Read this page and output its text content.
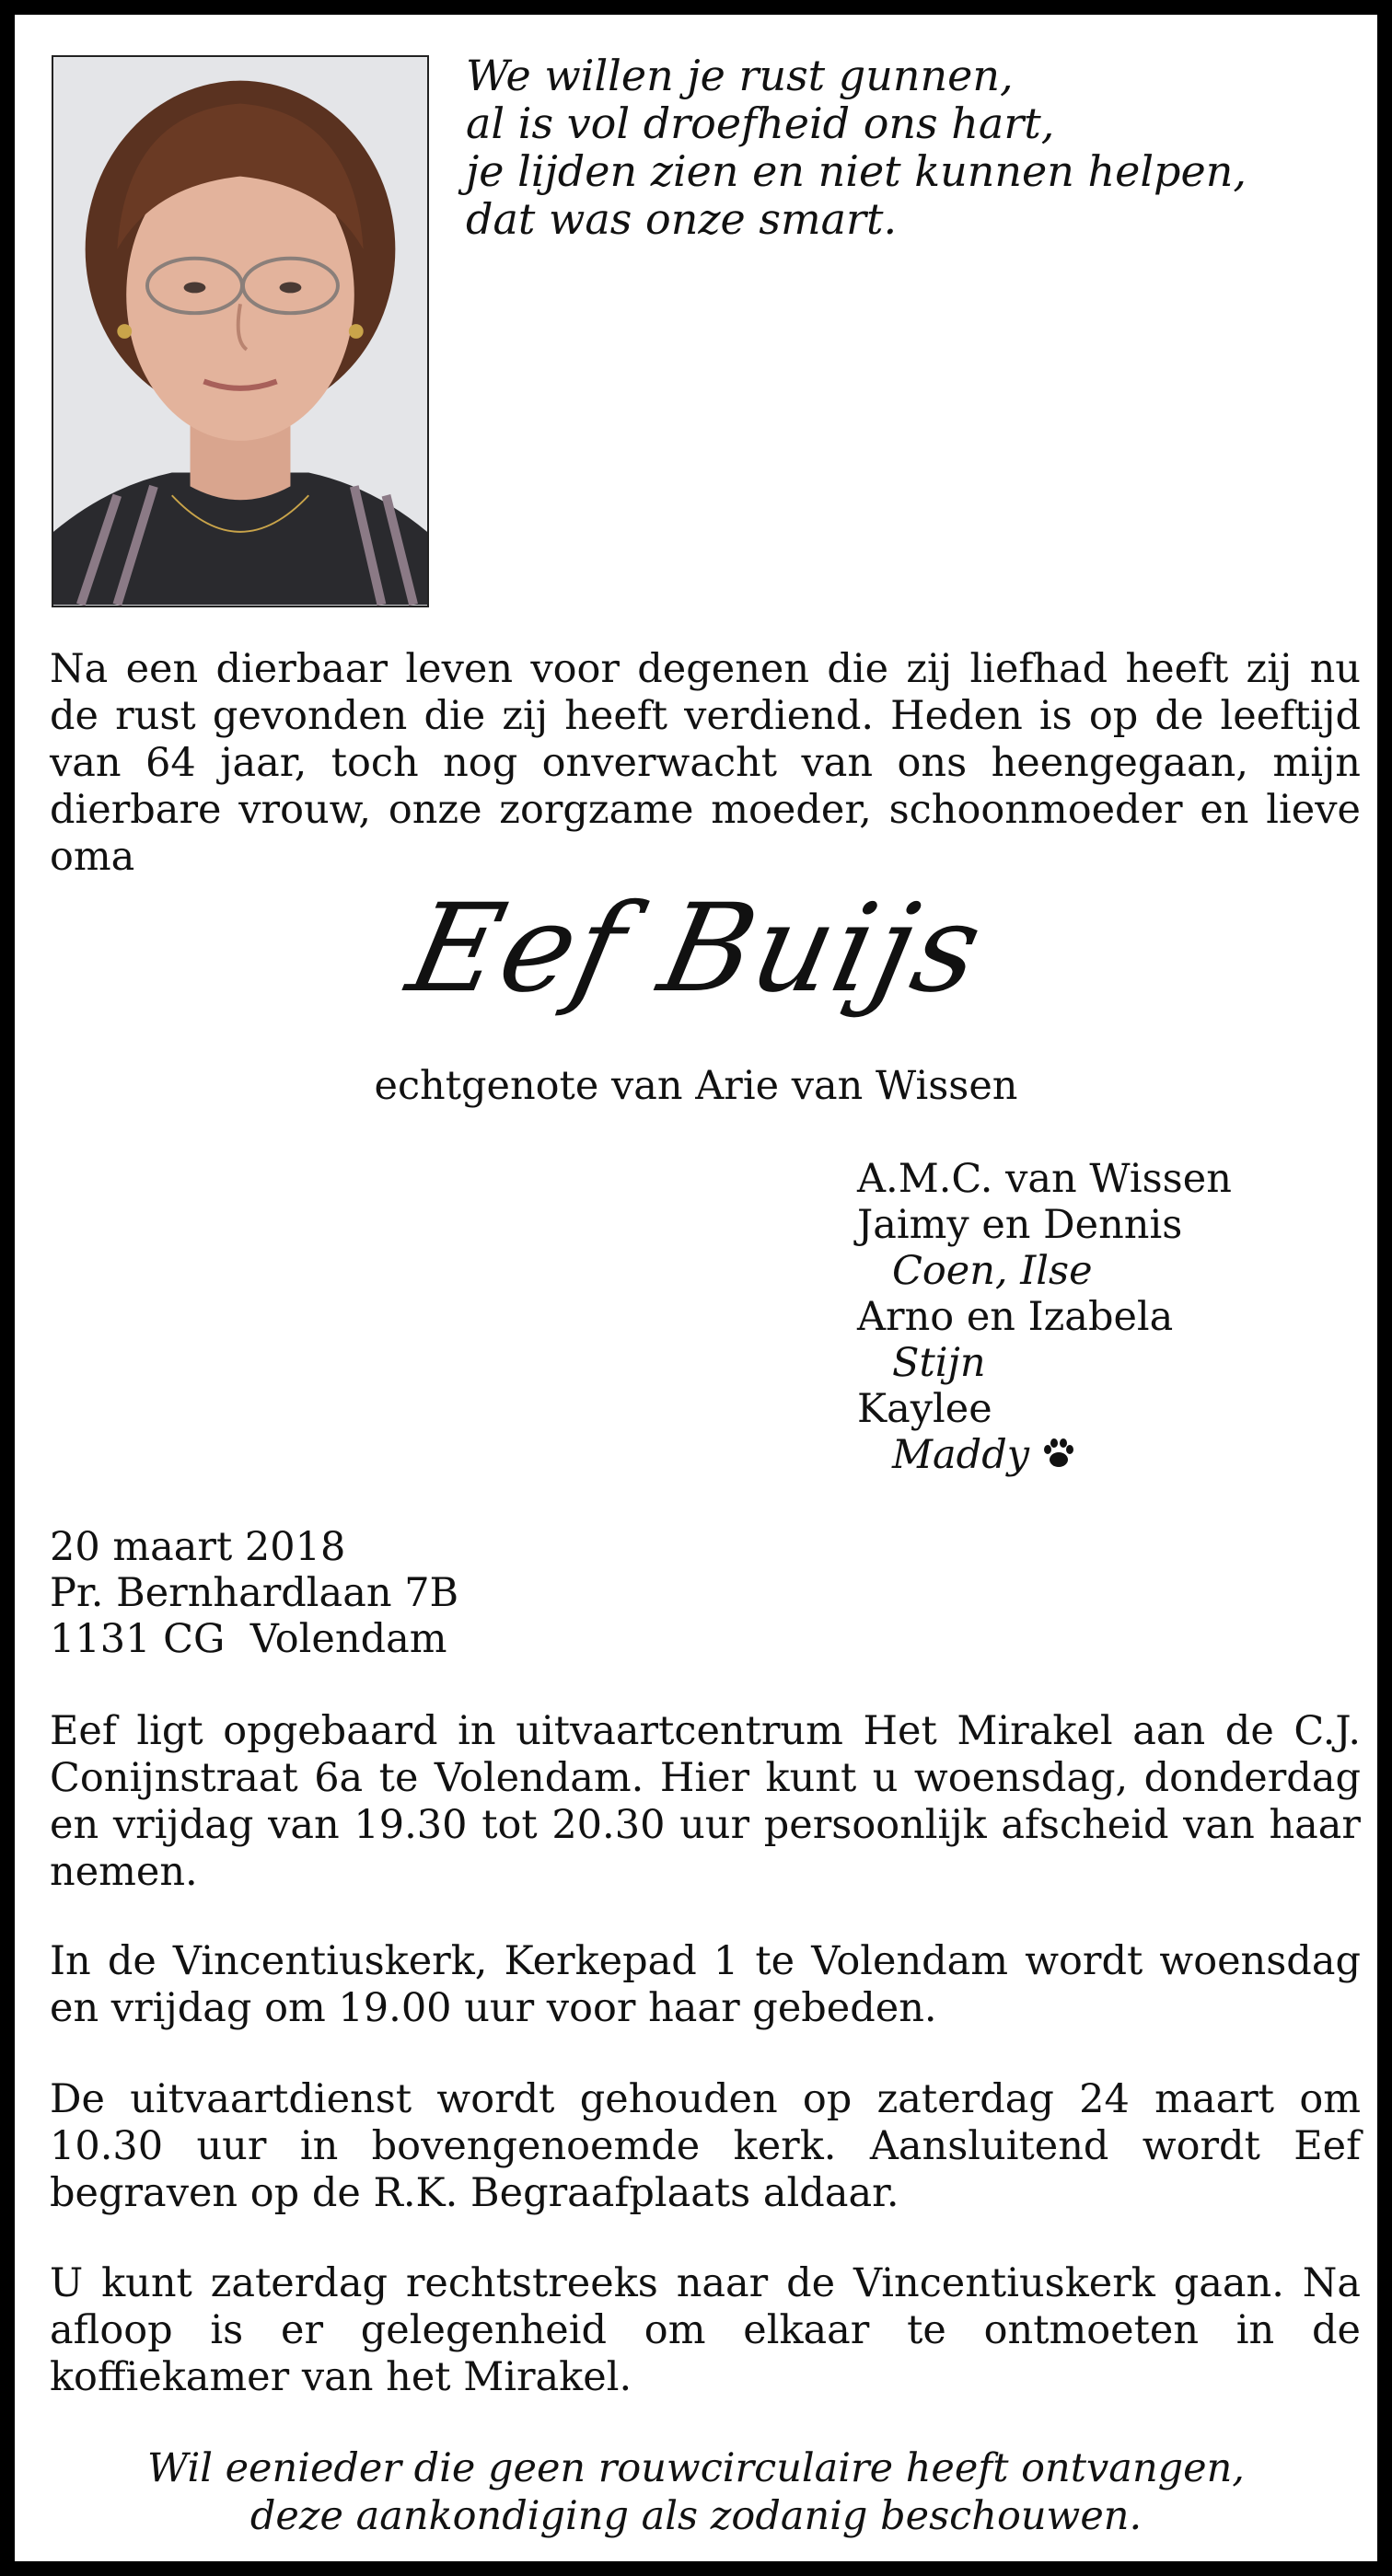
We willen je rust gunnen,
al is vol droefheid ons hart,
je lijden zien en niet kunnen helpen,
dat was onze smart.

Na een dierbaar leven voor degenen die zij liefhad heeft zij nu de rust gevonden die zij heeft verdiend. Heden is op de leeftijd van 64 jaar, toch nog onverwacht van ons heengegaan, mijn dierbare vrouw, onze zorgzame moeder, schoonmoeder en lieve oma

Eef Buijs
echtgenote van Arie van Wissen
A.M.C. van Wissen
Jaimy en Dennis
Coen, Ilse
Arno en Izabela
Stijn
Kaylee
Maddy
20 maart 2018
Pr. Bernhardlaan 7B
1131 CG  Volendam

Eef ligt opgebaard in uitvaartcentrum Het Mirakel aan de C.J. Conijnstraat 6a te Volendam. Hier kunt u woensdag, donderdag en vrijdag van 19.30 tot 20.30 uur persoonlijk afscheid van haar nemen.

In de Vincentiuskerk, Kerkepad 1 te Volendam wordt woensdag en vrijdag om 19.00 uur voor haar gebeden.

De uitvaartdienst wordt gehouden op zaterdag 24 maart om 10.30 uur in bovengenoemde kerk. Aansluitend wordt Eef begraven op de R.K. Begraafplaats aldaar.

U kunt zaterdag rechtstreeks naar de Vincentiuskerk gaan. Na afloop is er gelegenheid om elkaar te ontmoeten in de koffiekamer van het Mirakel.

Wil eenieder die geen rouwcirculaire heeft ontvangen,
deze aankondiging als zodanig beschouwen.
